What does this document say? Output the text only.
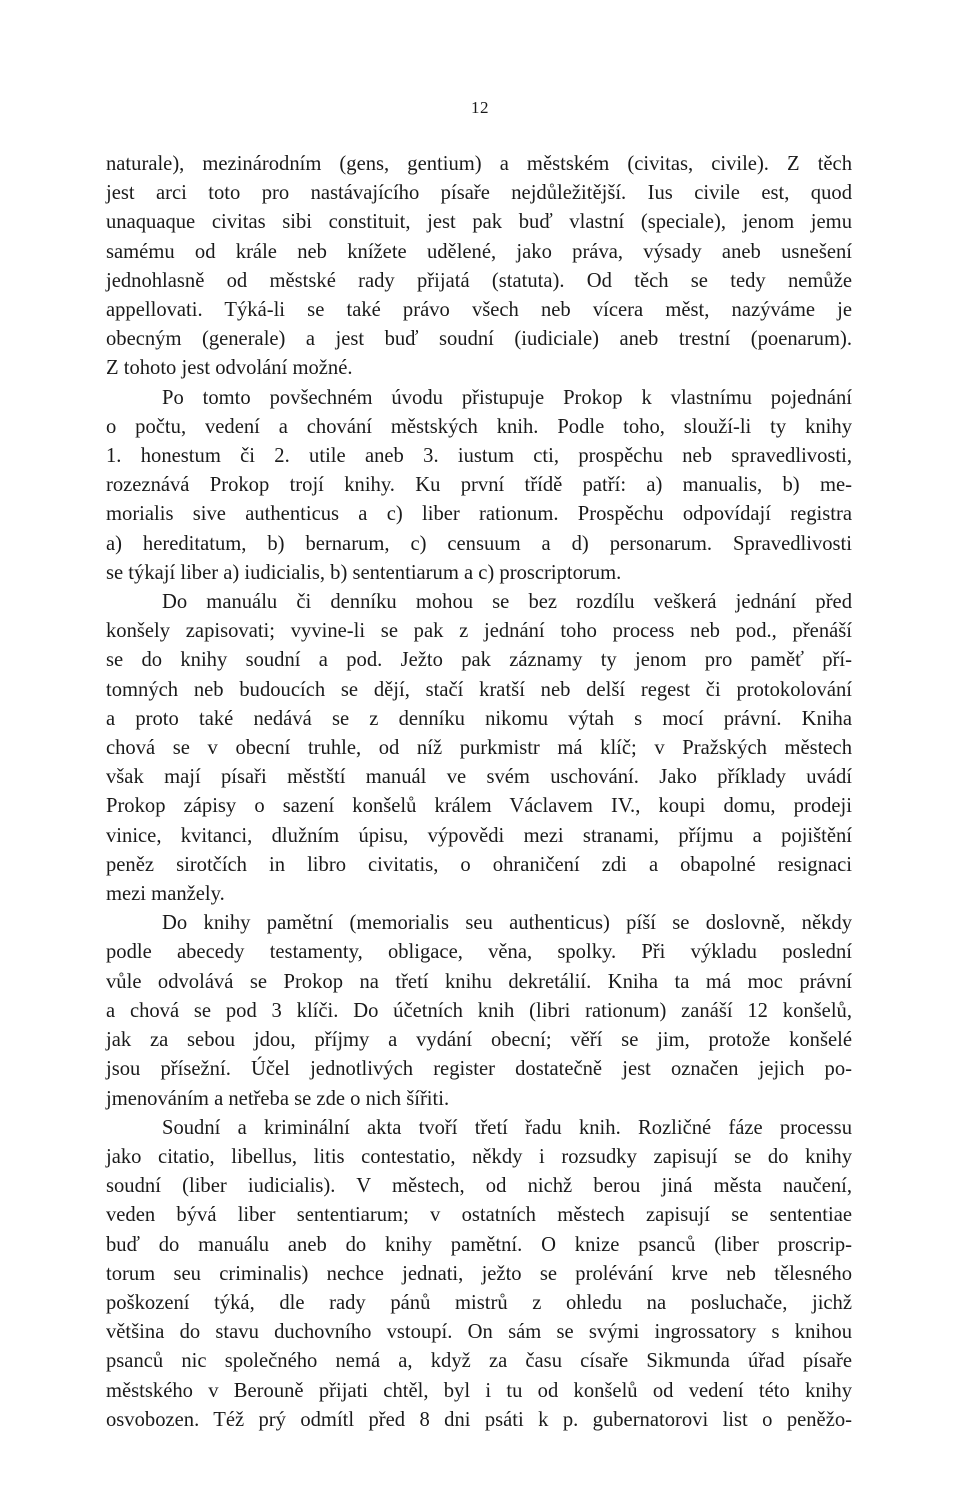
12

naturale), mezinárodním (gens, gentium) a městském (civitas, civile). Z těch
jest arci toto pro nastávajícího písaře nejdůležitější. Ius civile est, quod
unaquaque civitas sibi constituit, jest pak buď vlastní (speciale), jenom jemu
samému od krále neb knížete udělené, jako práva, výsady aneb usnešení
jednohlasně od městské rady přijatá (statuta). Od těch se tedy nemůže
appellovati. Týká-li se také právo všech neb vícera měst, nazýváme je
obecným (generale) a jest buď soudní (iudiciale) aneb trestní (poenarum).
Z tohoto jest odvolání možné.

Po tomto povšechném úvodu přistupuje Prokop k vlastnímu pojednání
o počtu, vedení a chování městských knih. Podle toho, slouží-li ty knihy
1. honestum či 2. utile aneb 3. iustum cti, prospěchu neb spravedlivosti,
rozeznává Prokop trojí knihy. Ku první třídě patří: a) manualis, b) me-
morialis sive authenticus a c) liber rationum. Prospěchu odpovídají registra
a) hereditatum, b) bernarum, c) censuum a d) personarum. Spravedlivosti
se týkají liber a) iudicialis, b) sententiarum a c) proscriptorum.

Do manuálu či denníku mohou se bez rozdílu veškerá jednání před
konšely zapisovati; vyvine-li se pak z jednání toho process neb pod., přenáší
se do knihy soudní a pod. Ježto pak záznamy ty jenom pro paměť pří-
tomných neb budoucích se dějí, stačí kratší neb delší regest či protokolování
a proto také nedává se z denníku nikomu výtah s mocí právní. Kniha
chová se v obecní truhle, od níž purkmistr má klíč; v Pražských městech
však mají písaři městští manuál ve svém uschování. Jako příklady uvádí
Prokop zápisy o sazení konšelů králem Václavem IV., koupi domu, prodeji
vinice, kvitanci, dlužním úpisu, výpovědi mezi stranami, příjmu a pojištění
peněz sirotčích in libro civitatis, o ohraničení zdi a obapolné resignaci
mezi manžely.

Do knihy pamětní (memorialis seu authenticus) píší se doslovně, někdy
podle abecedy testamenty, obligace, věna, spolky. Při výkladu poslední
vůle odvolává se Prokop na třetí knihu dekretálií. Kniha ta má moc právní
a chová se pod 3 klíči. Do účetních knih (libri rationum) zanáší 12 konšelů,
jak za sebou jdou, příjmy a vydání obecní; věří se jim, protože konšelé
jsou přísežní. Účel jednotlivých register dostatečně jest označen jejich po-
jmenováním a netřeba se zde o nich šířiti.

Soudní a kriminální akta tvoří třetí řadu knih. Rozličné fáze processu
jako citatio, libellus, litis contestatio, někdy i rozsudky zapisují se do knihy
soudní (liber iudicialis). V městech, od nichž berou jiná města naučení,
veden bývá liber sententiarum; v ostatních městech zapisují se sententiae
buď do manuálu aneb do knihy pamětní. O knize psanců (liber proscrip-
torum seu criminalis) nechce jednati, ježto se prolévání krve neb tělesného
poškození týká, dle rady pánů mistrů z ohledu na posluchače, jichž
většina do stavu duchovního vstoupí. On sám se svými ingrossatory s knihou
psanců nic společného nemá a, když za času císaře Sikmunda úřad písaře
městského v Berouně přijati chtěl, byl i tu od konšelů od vedení této knihy
osvobozen. Též prý odmítl před 8 dni psáti k p. gubernatorovi list o peněžo-
